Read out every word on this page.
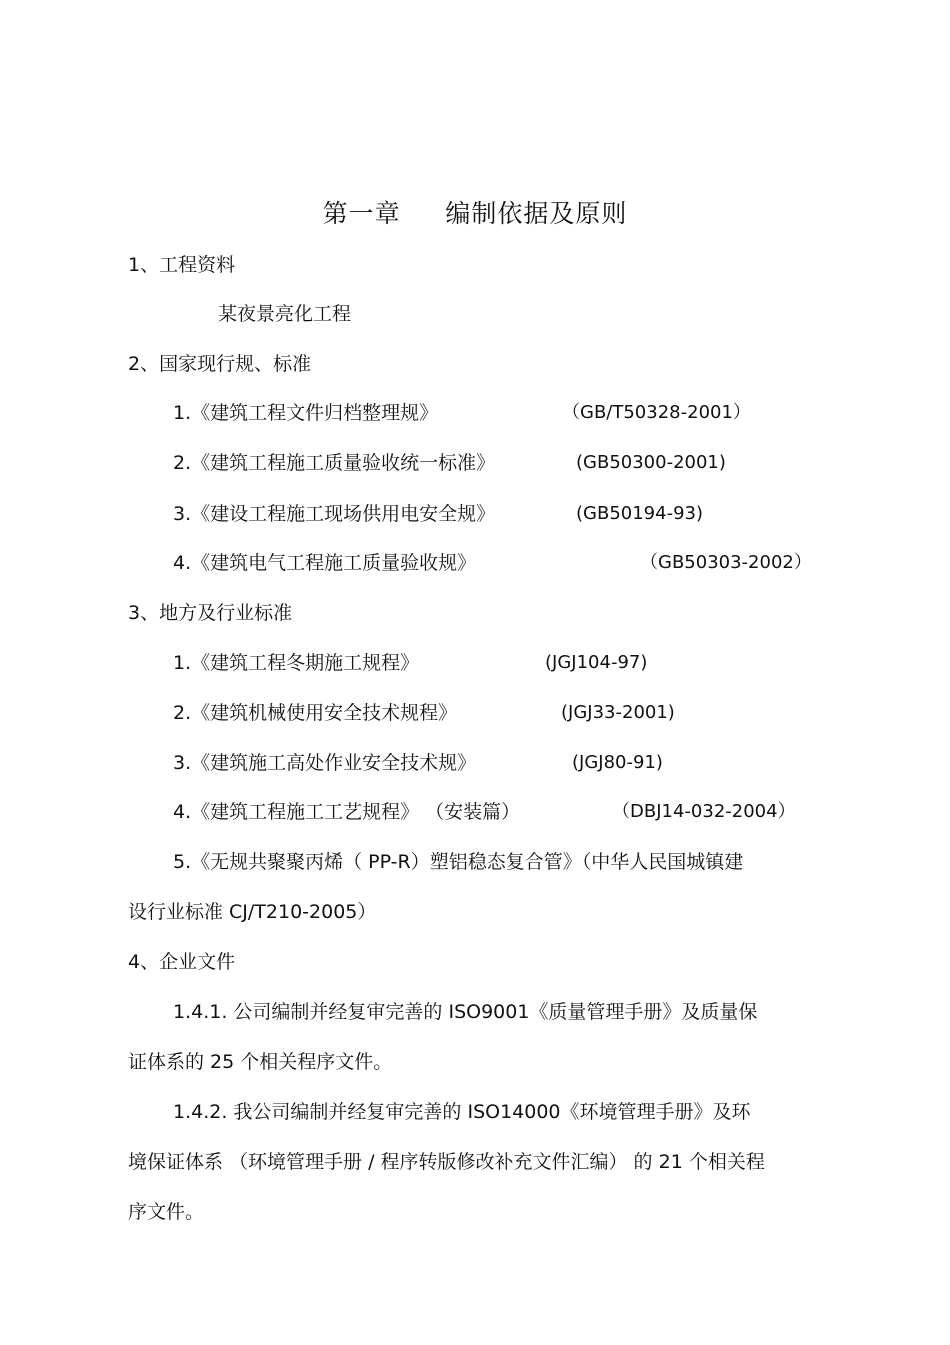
第一章     编制依据及原则
1、工程资料
某夜景亮化工程
2、国家现行规、标准
1.《建筑工程文件归档整理规》	（GB/T50328-2001）
2.《建筑工程施工质量验收统一标准》	(GB50300-2001)
3.《建设工程施工现场供用电安全规》	(GB50194-93)
4.《建筑电气工程施工质量验收规》	（GB50303-2002）
3、地方及行业标准
1.《建筑工程冬期施工规程》	(JGJ104-97)
2.《建筑机械使用安全技术规程》	(JGJ33-2001)
3.《建筑施工高处作业安全技术规》	(JGJ80-91)
4.《建筑工程施工工艺规程》 （安装篇）	（DBJ14-032-2004）
5.《无规共聚聚丙烯（ PP-R）塑铝稳态复合管》（中华人民国城镇建
设行业标准 CJ/T210-2005）
4、企业文件
1.4.1. 公司编制并经复审完善的 ISO9001《质量管理手册》及质量保
证体系的 25 个相关程序文件。
1.4.2. 我公司编制并经复审完善的 ISO14000《环境管理手册》及环
境保证体系 （环境管理手册 / 程序转版修改补充文件汇编） 的 21 个相关程
序文件。
